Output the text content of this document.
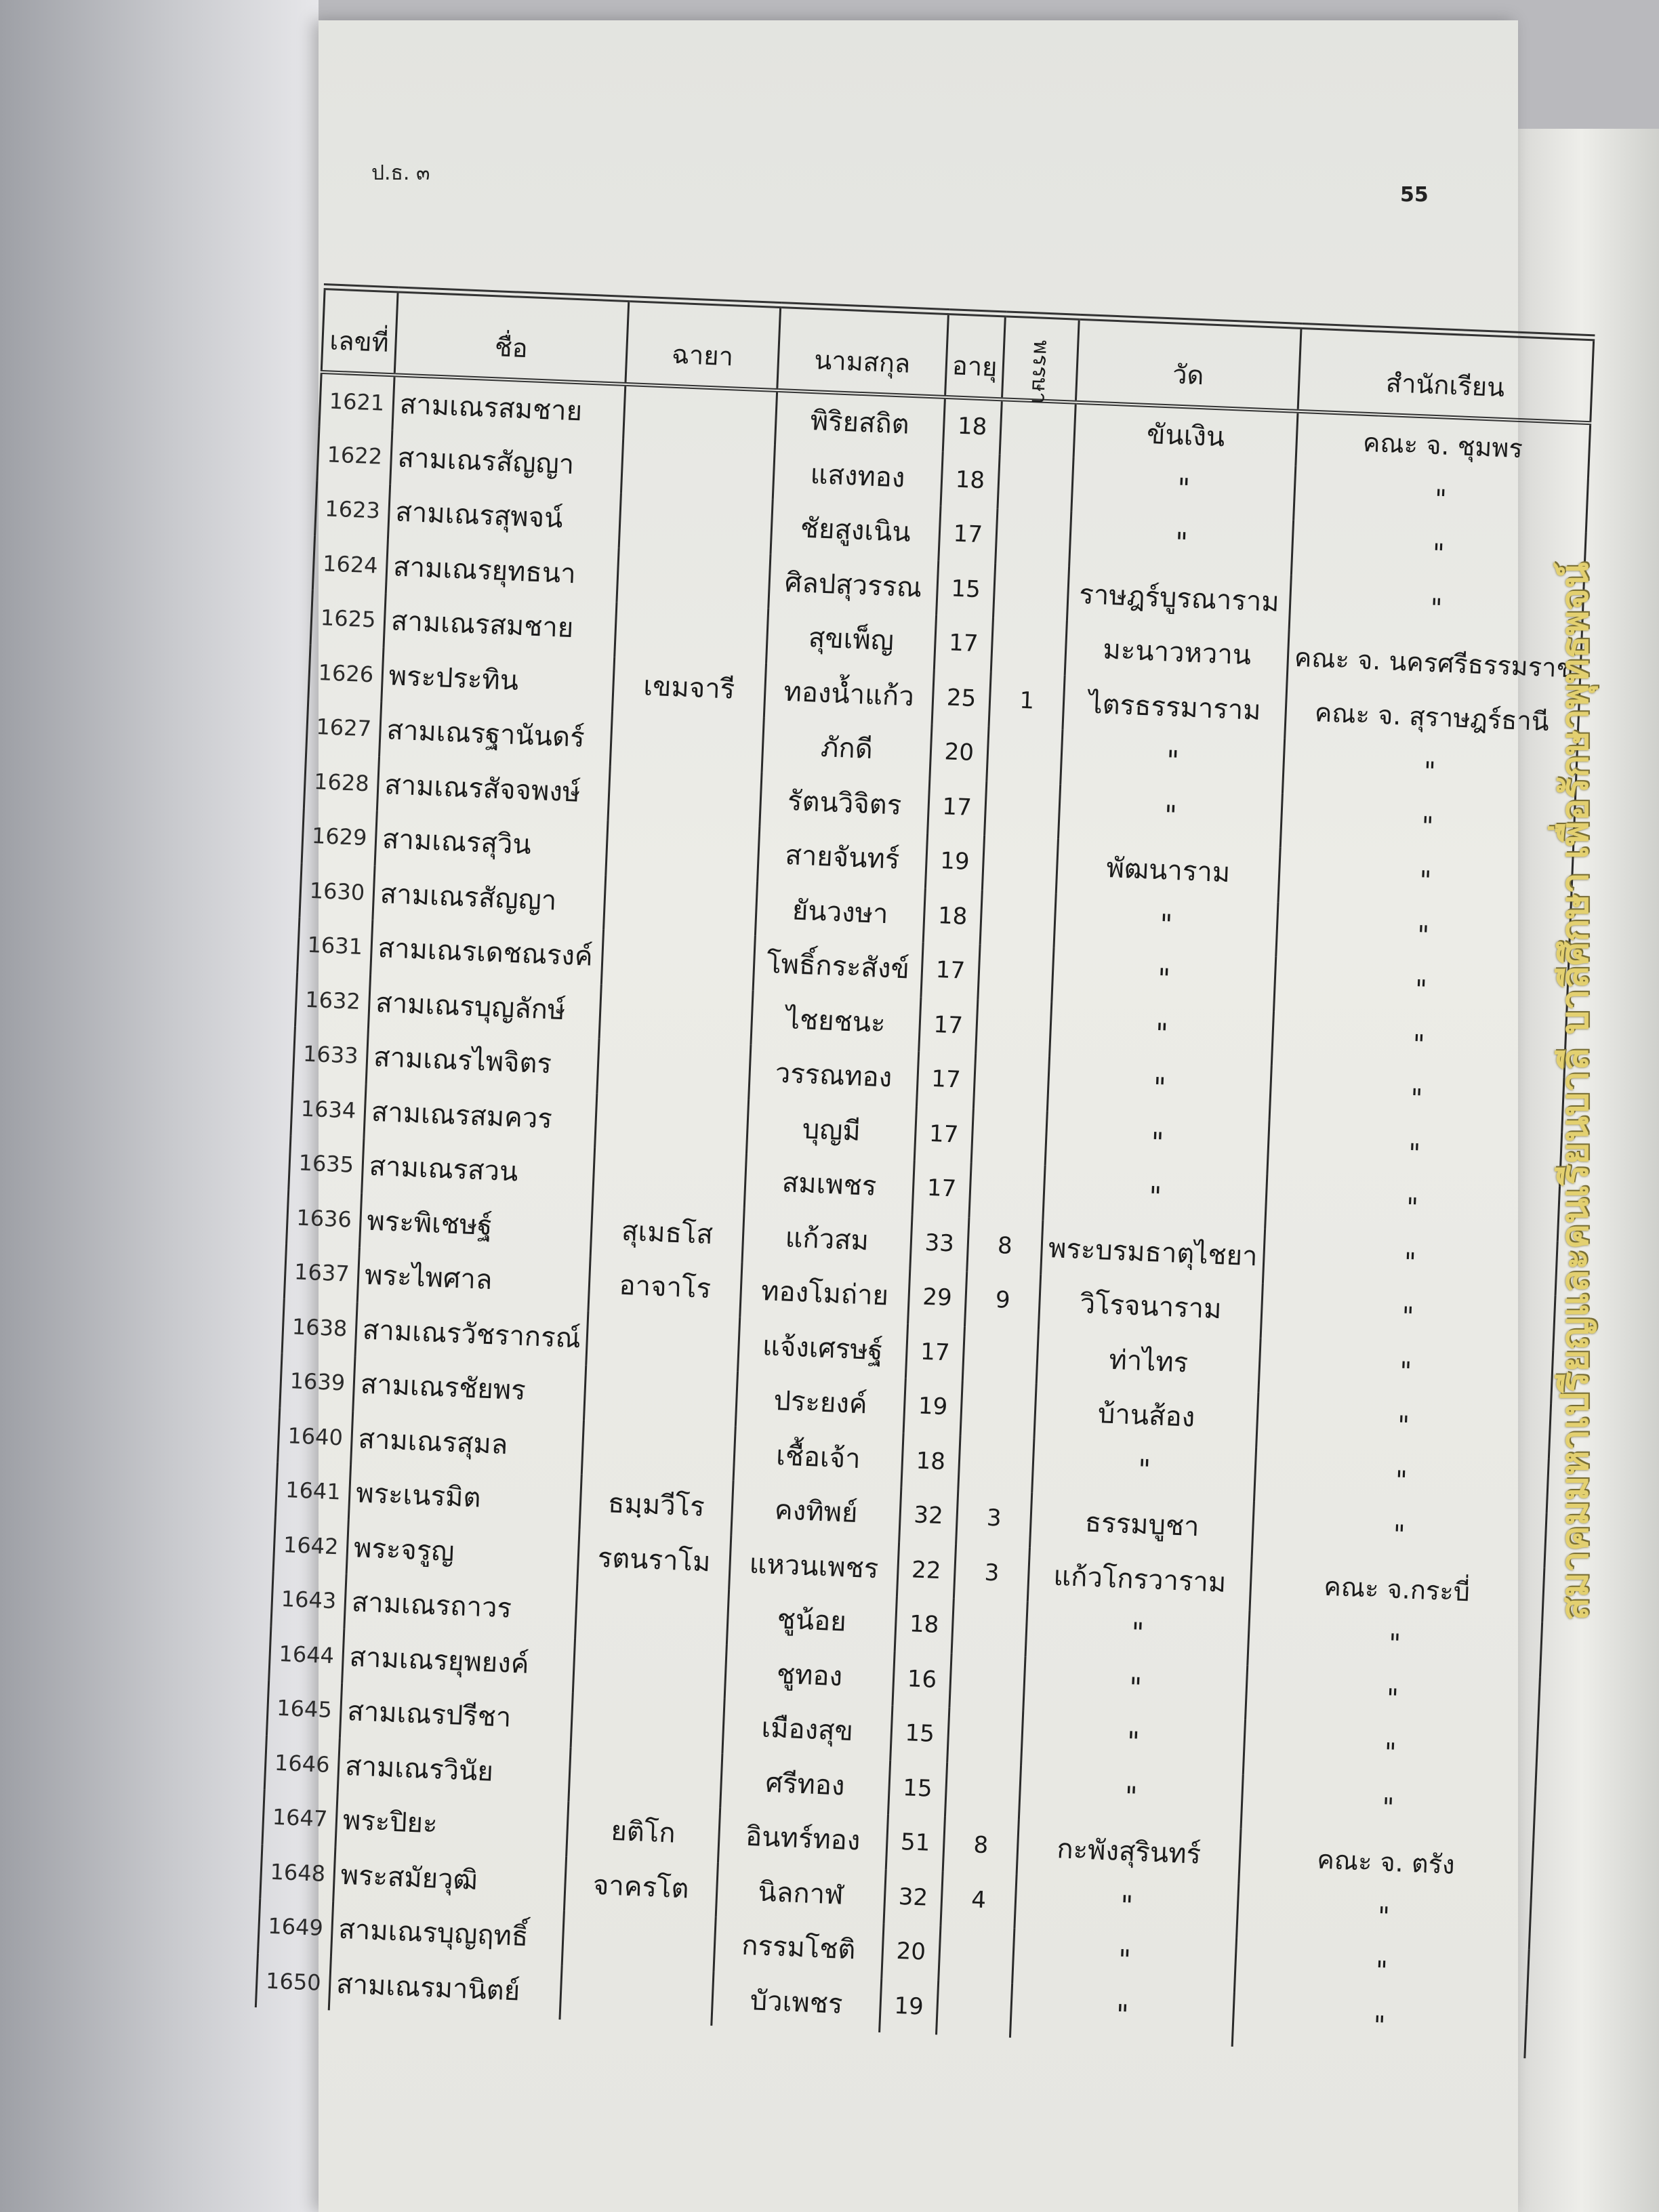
ป.ธ. ๓
55
เลขที่	ชื่อ	ฉายา	นามสกุล	อายุ	พรรษา	วัด	สำนักเรียน
1621	สามเณรสมชาย		พิริยสถิต	18		ขันเงิน	คณะ จ. ชุมพร
1622	สามเณรสัญญา		แสงทอง	18		"	"
1623	สามเณรสุพจน์		ชัยสูงเนิน	17		"	"
1624	สามเณรยุทธนา		ศิลปสุวรรณ	15		ราษฎร์บูรณาราม	"
1625	สามเณรสมชาย		สุขเพ็ญ	17		มะนาวหวาน	คณะ จ. นครศรีธรรมราช
1626	พระประทิน	เขมจารี	ทองน้ำแก้ว	25	1	ไตรธรรมาราม	คณะ จ. สุราษฎร์ธานี
1627	สามเณรฐานันดร์		ภักดี	20		"	"
1628	สามเณรสัจจพงษ์		รัตนวิจิตร	17		"	"
1629	สามเณรสุวิน		สายจันทร์	19		พัฒนาราม	"
1630	สามเณรสัญญา		ยันวงษา	18		"	"
1631	สามเณรเดชณรงค์		โพธิ์กระสังข์	17		"	"
1632	สามเณรบุญลักษ์		ไชยชนะ	17		"	"
1633	สามเณรไพจิตร		วรรณทอง	17		"	"
1634	สามเณรสมควร		บุญมี	17		"	"
1635	สามเณรสวน		สมเพชร	17		"	"
1636	พระพิเชษฐ์	สุเมธโส	แก้วสม	33	8	พระบรมธาตุไชยา	"
1637	พระไพศาล	อาจาโร	ทองโมถ่าย	29	9	วิโรจนาราม	"
1638	สามเณรวัชรากรณ์		แจ้งเศรษฐ์	17		ท่าไทร	"
1639	สามเณรชัยพร		ประยงค์	19		บ้านส้อง	"
1640	สามเณรสุมล		เชื้อเจ้า	18		"	"
1641	พระเนรมิต	ธมฺมวีโร	คงทิพย์	32	3	ธรรมบูชา	"
1642	พระจรูญ	รตนราโม	แหวนเพชร	22	3	แก้วโกรวาราม	คณะ จ.กระบี่
1643	สามเณรถาวร		ชูน้อย	18		"	"
1644	สามเณรยุพยงค์		ชูทอง	16		"	"
1645	สามเณรปรีชา		เมืองสุข	15		"	"
1646	สามเณรวินัย		ศรีทอง	15		"	"
1647	พระปิยะ	ยติโก	อินทร์ทอง	51	8	กะพังสุรินทร์	คณะ จ. ตรัง
1648	พระสมัยวุฒิ	จาครโต	นิลกาฬ	32	4	"	"
1649	สามเณรบุญฤทธิ์		กรรมโชติ	20		"	"
1650	สามเณรมานิตย์		บัวเพชร	19		"	"
สมาคมมหาเปรียญและคนเรียนบาลี บาลีศึกษา เพื่อรักษาพุทธพจน์
